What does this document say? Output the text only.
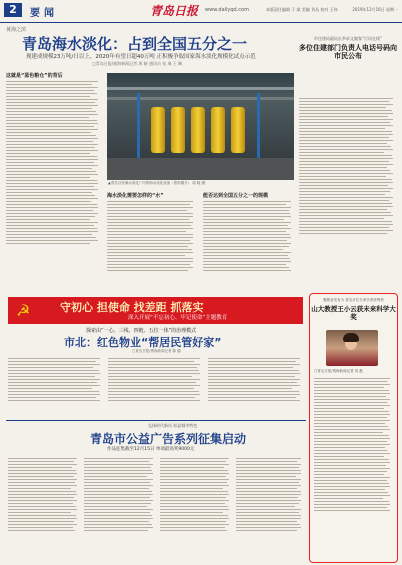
2	要闻	青岛日报 www.dailyqd.com	本版责任编辑 于 斌 美编 刘丛 校对 王伟	2019年12月16日 星期一
黄海之滨
青岛海水淡化：占到全国五分之一
现建成规模23万吨/日以上，2020年有望日超40万吨 正积极争取国家海水淡化规模化试点示范
□青岛日报/观海新闻记者 周 晓 通讯员 张 瑞 王 琳
这就是“蓝色粮仓”的背后
▲青岛百发海水淡化厂内的海水淡化设备（资料图片） 周 晓 摄
海水淡化需要怎样的“水”	能否达到全国五分之一的规模
市住建局副局长李承文做客“行风在线”
多位住建部门负责人电话号码向市民公布
☭	守初心 担使命 找差距 抓落实
深入开展“不忘初心、牢记使命”主题教育
探索由“一心、三线、四链、五位一体”的治理模式
市北：红色物业“帮居民管好家”
□青岛日报/观海新闻记者 陈 璐
弘扬时代新风 彰显城市特色
青岛市公益广告系列征集启动
作品征集截至12月15日 单项最高奖9000元
聚焦奋发有为 青岛多位专家学者获殊荣
山大教授王小云获未来科学大奖
□青岛日报/观海新闻记者 刘 磊
